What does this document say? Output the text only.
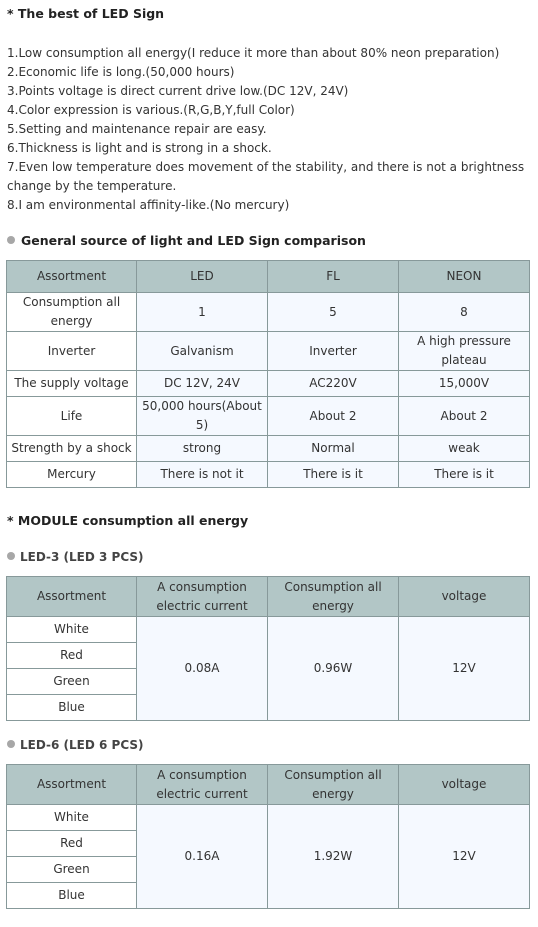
* The best of LED Sign
1.Low consumption all energy(I reduce it more than about 80% neon preparation)
2.Economic life is long.(50,000 hours)
3.Points voltage is direct current drive low.(DC 12V, 24V)
4.Color expression is various.(R,G,B,Y,full Color)
5.Setting and maintenance repair are easy.
6.Thickness is light and is strong in a shock.
7.Even low temperature does movement of the stability, and there is not a brightness change by the temperature.
8.I am environmental affinity-like.(No mercury)
General source of light and LED Sign comparison
Assortment	LED	FL	NEON
Consumption all energy	1	5	8
Inverter	Galvanism	Inverter	A high pressure plateau
The supply voltage	DC 12V, 24V	AC220V	15,000V
Life	50,000 hours(About 5)	About 2	About 2
Strength by a shock	strong	Normal	weak
Mercury	There is not it	There is it	There is it
* MODULE consumption all energy
LED-3 (LED 3 PCS)
Assortment	A consumption electric current	Consumption all energy	voltage
White	0.08A	0.96W	12V
Red			
Green			
Blue			
LED-6 (LED 6 PCS)
Assortment	A consumption electric current	Consumption all energy	voltage
White	0.16A	1.92W	12V
Red			
Green			
Blue			
